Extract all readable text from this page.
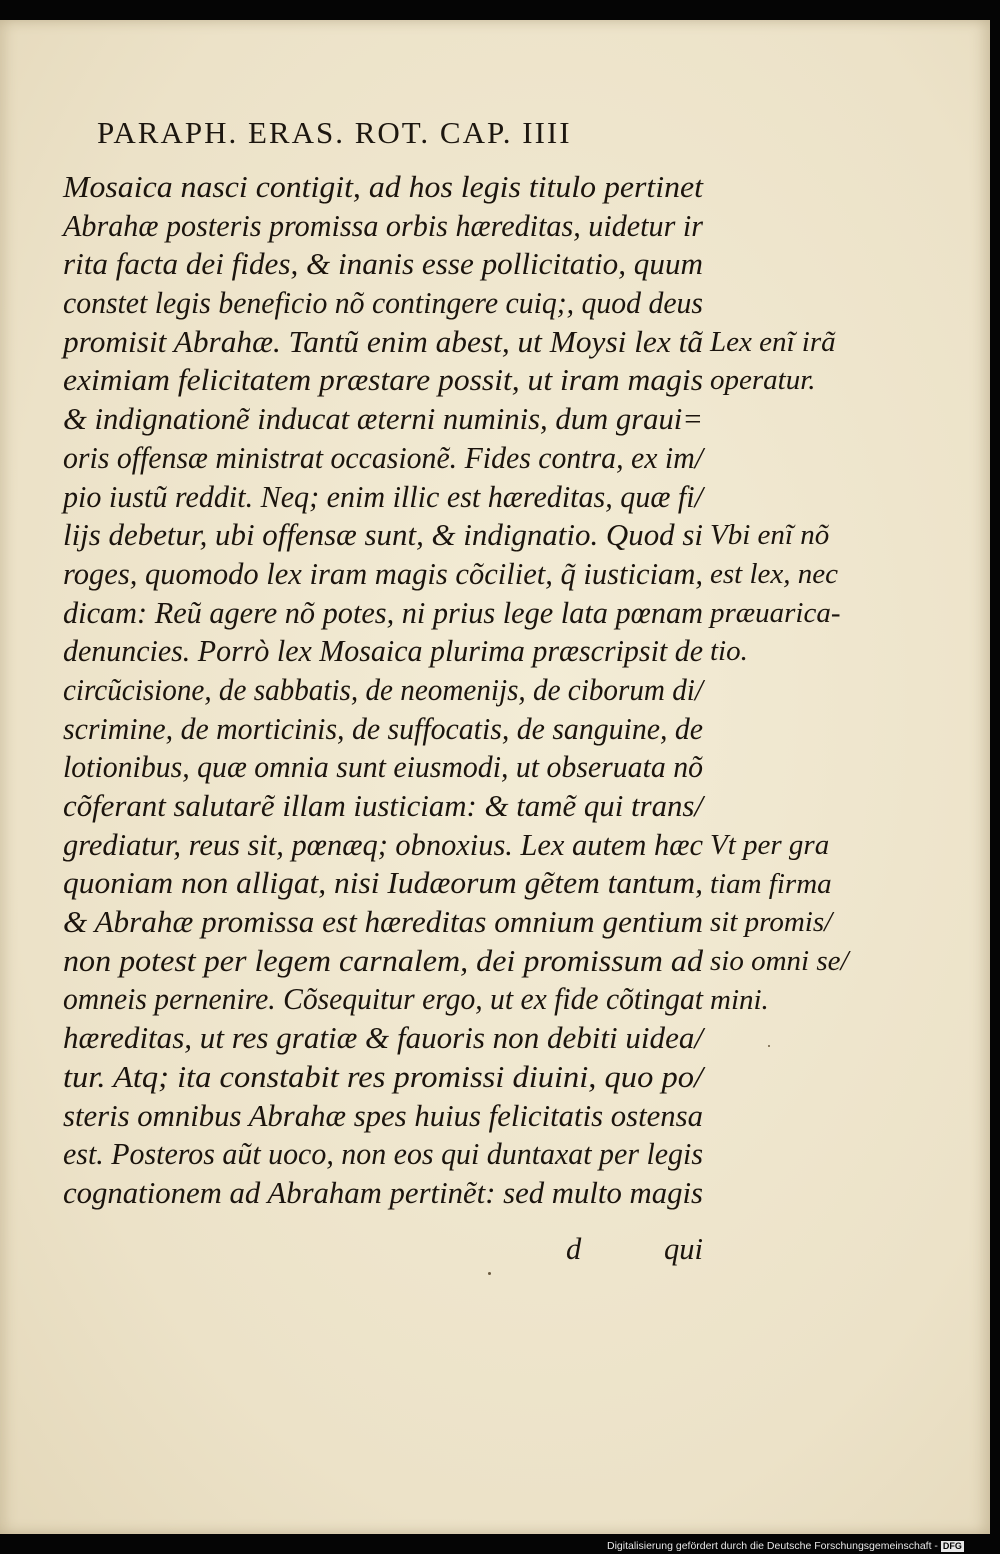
PARAPH. ERAS. ROT. CAP. IIII
Mosaica nasci contigit, ad hos legis titulo pertinet
Abrahæ posteris promissa orbis hæreditas, uidetur ir
rita facta dei fides, & inanis esse pollicitatio, quum
constet legis beneficio nõ contingere cuiq;, quod deus
promisit Abrahæ. Tantũ enim abest, ut Moysi lex tã
eximiam felicitatem præstare possit, ut iram magis
& indignationẽ inducat æterni numinis, dum graui=
oris offensæ ministrat occasionẽ. Fides contra, ex im/
pio iustũ reddit. Neq; enim illic est hæreditas, quæ fi/
lijs debetur, ubi offensæ sunt, & indignatio. Quod si
roges, quomodo lex iram magis cõciliet, q̃ iusticiam,
dicam: Reũ agere nõ potes, ni prius lege lata pœnam
denuncies. Porrò lex Mosaica plurima præscripsit de
circũcisione, de sabbatis, de neomenijs, de ciborum di/
scrimine, de morticinis, de suffocatis, de sanguine, de
lotionibus, quæ omnia sunt eiusmodi, ut obseruata nõ
cõferant salutarẽ illam iusticiam: & tamẽ qui trans/
grediatur, reus sit, pœnæq; obnoxius. Lex autem hæc
quoniam non alligat, nisi Iudæorum gẽtem tantum,
& Abrahæ promissa est hæreditas omnium gentium
non potest per legem carnalem, dei promissum ad
omneis pernenire. Cõsequitur ergo, ut ex fide cõtingat
hæreditas, ut res gratiæ & fauoris non debiti uidea/
tur. Atq; ita constabit res promissi diuini, quo po/
steris omnibus Abrahæ spes huius felicitatis ostensa
est. Posteros aũt uoco, non eos qui duntaxat per legis
cognationem ad Abraham pertinẽt: sed multo magis
d	qui
Lex enĩ irã
operatur.
Vbi enĩ nõ
est lex, nec
præuarica-
tio.
Vt per gra
tiam firma
sit promis/
sio omni se/
mini.
Digitalisierung gefördert durch die Deutsche Forschungsgemeinschaft - DFG
